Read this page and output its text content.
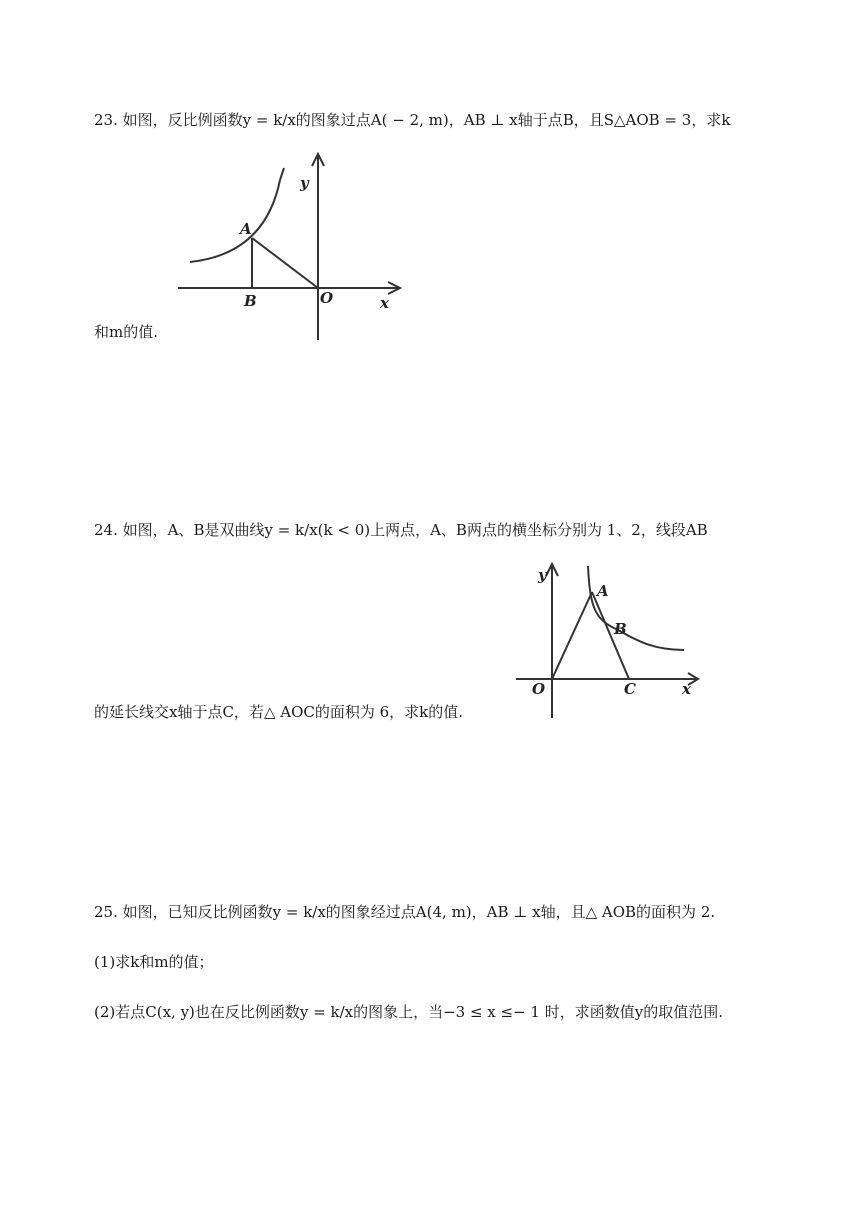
23. 如图，反比例函数y = k/x的图象过点A( − 2, m)，AB ⊥ x轴于点B，且S△AOB = 3，求k
y
x
A
B	O
和m的值.
24. 如图，A、B是双曲线y = k/x(k < 0)上两点，A、B两点的横坐标分别为 1、2，线段AB
y
x
A
B
O	C
的延长线交x轴于点C，若△ AOC的面积为 6，求k的值.
25. 如图，已知反比例函数y = k/x的图象经过点A(4, m)，AB ⊥ x轴，且△ AOB的面积为 2.
(1)求k和m的值；
(2)若点C(x, y)也在反比例函数y = k/x的图象上，当−3 ≤ x ≤− 1 时，求函数值y的取值范围.
